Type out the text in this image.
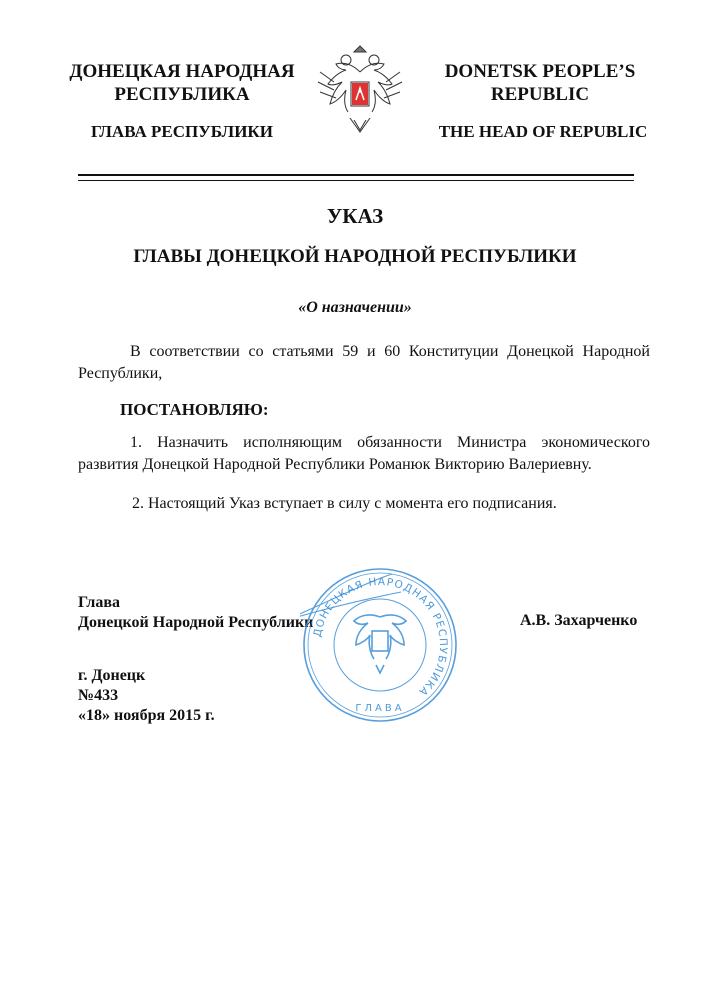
ДОНЕЦКАЯ НАРОДНАЯ
РЕСПУБЛИКА
ГЛАВА РЕСПУБЛИКИ
DONETSK PEOPLE’S
REPUBLIC
THE HEAD OF REPUBLIC
УКАЗ
ГЛАВЫ ДОНЕЦКОЙ НАРОДНОЙ РЕСПУБЛИКИ
«О назначении»
В соответствии со статьями 59 и 60 Конституции Донецкой Народной
Республики,
ПОСТАНОВЛЯЮ:
1. Назначить исполняющим обязанности Министра экономического
развития Донецкой Народной Республики Романюк Викторию Валериевну.
2. Настоящий Указ вступает в силу с момента его подписания.
Глава
Донецкой Народной Республики	А.В. Захарченко
г. Донецк
№433
«18» ноября 2015 г.
ДОНЕЦКАЯ НАРОДНАЯ РЕСПУБЛИКА
ГЛАВА
